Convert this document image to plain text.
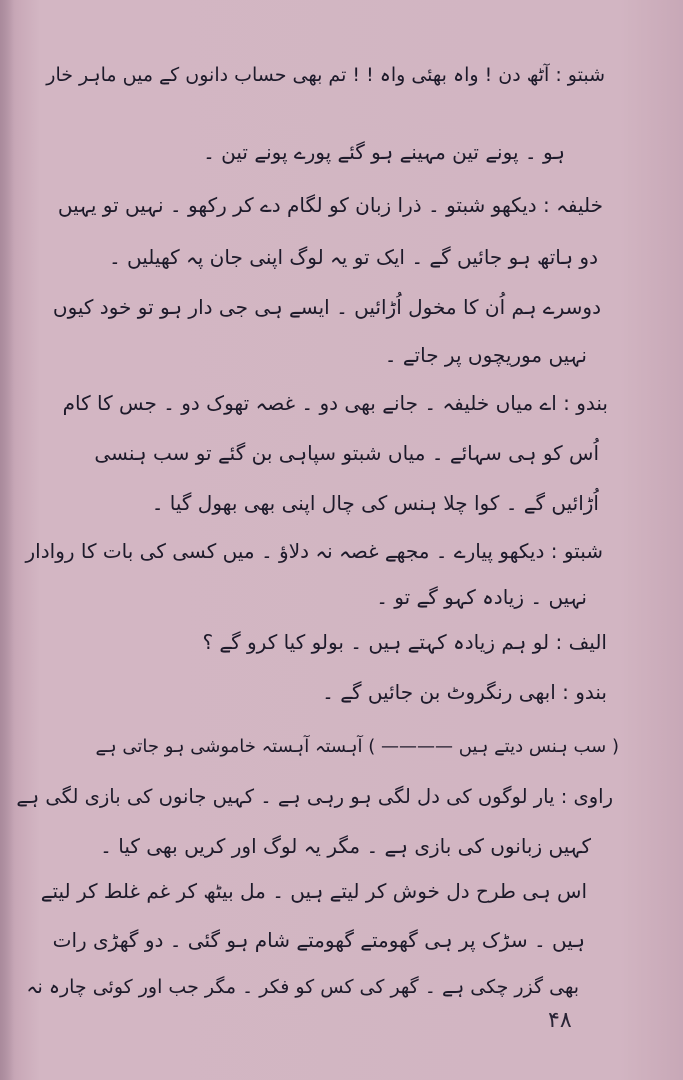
شبتو : آٹھ دن ! واہ بھئی واہ ! ! تم بھی حساب دانوں کے میں ماہر خار
ہو ۔ پونے تین مہینے ہو گئے پورے پونے تین ۔
خلیفہ : دیکھو شبتو ۔ ذرا زبان کو لگام دے کر رکھو ۔ نہیں تو یہیں
دو ہاتھ ہو جائیں گے ۔ ایک تو یہ لوگ اپنی جان پہ کھیلیں ۔
دوسرے ہم اُن کا مخول اُڑائیں ۔ ایسے ہی جی دار ہو تو خود کیوں
نہیں موریچوں پر جاتے ۔
بندو : اے میاں خلیفہ ۔ جانے بھی دو ۔ غصہ تھوک دو ۔ جس کا کام
اُس کو ہی سہائے ۔ میاں شبتو سپاہی بن گئے تو سب ہنسی
اُڑائیں گے ۔ کوا چلا ہنس کی چال اپنی بھی بھول گیا ۔
شبتو : دیکھو پیارے ۔ مجھے غصہ نہ دلاؤ ۔ میں کسی کی بات کا روادار
نہیں ۔ زیادہ کہو گے تو ۔
الیف : لو ہم زیادہ کہتے ہیں ۔ بولو کیا کرو گے ؟
بندو : ابھی رنگروٹ بن جائیں گے ۔
( سب ہنس دیتے ہیں ———— ) آہستہ آہستہ خاموشی ہو جاتی ہے
راوی : یار لوگوں کی دل لگی ہو رہی ہے ۔ کہیں جانوں کی بازی لگی ہے
کہیں زبانوں کی بازی ہے ۔ مگر یہ لوگ اور کریں بھی کیا ۔
اس ہی طرح دل خوش کر لیتے ہیں ۔ مل بیٹھ کر غم غلط کر لیتے
ہیں ۔ سڑک پر ہی گھومتے گھومتے شام ہو گئی ۔ دو گھڑی رات
بھی گزر چکی ہے ۔ گھر کی کس کو فکر ۔ مگر جب اور کوئی چارہ نہ
۴۸
